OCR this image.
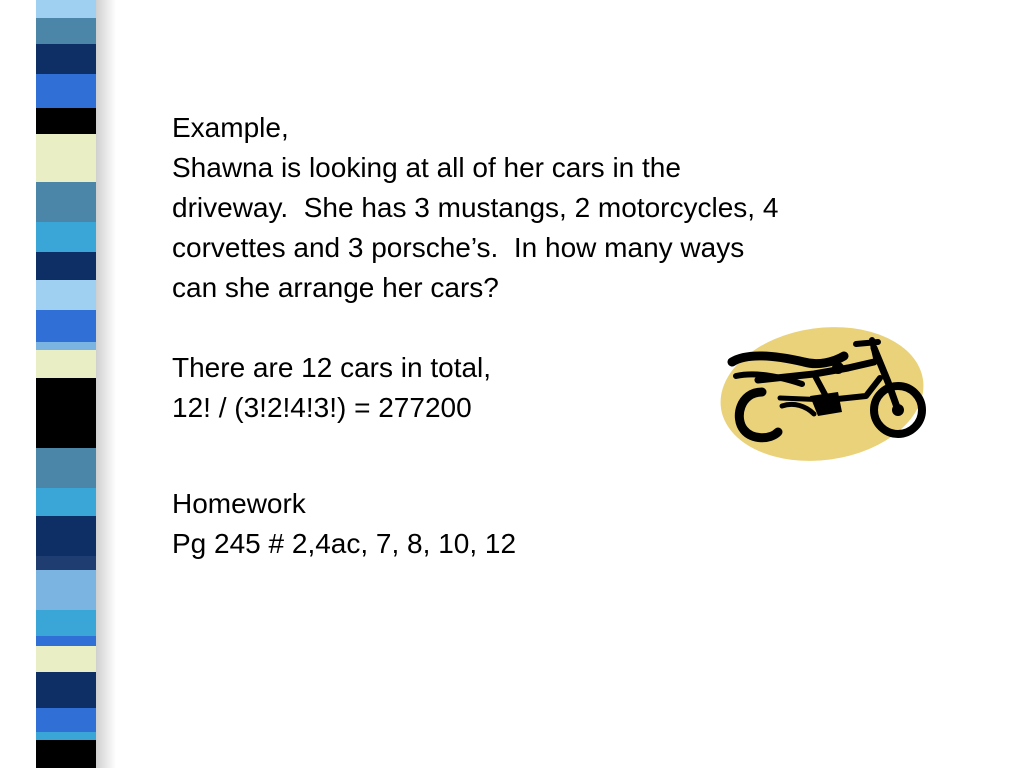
Example,
Shawna is looking at all of her cars in the
driveway.  She has 3 mustangs, 2 motorcycles, 4
corvettes and 3 porsche’s.  In how many ways
can she arrange her cars?
There are 12 cars in total,
12! / (3!2!4!3!) = 277200
Homework
Pg 245 # 2,4ac, 7, 8, 10, 12
